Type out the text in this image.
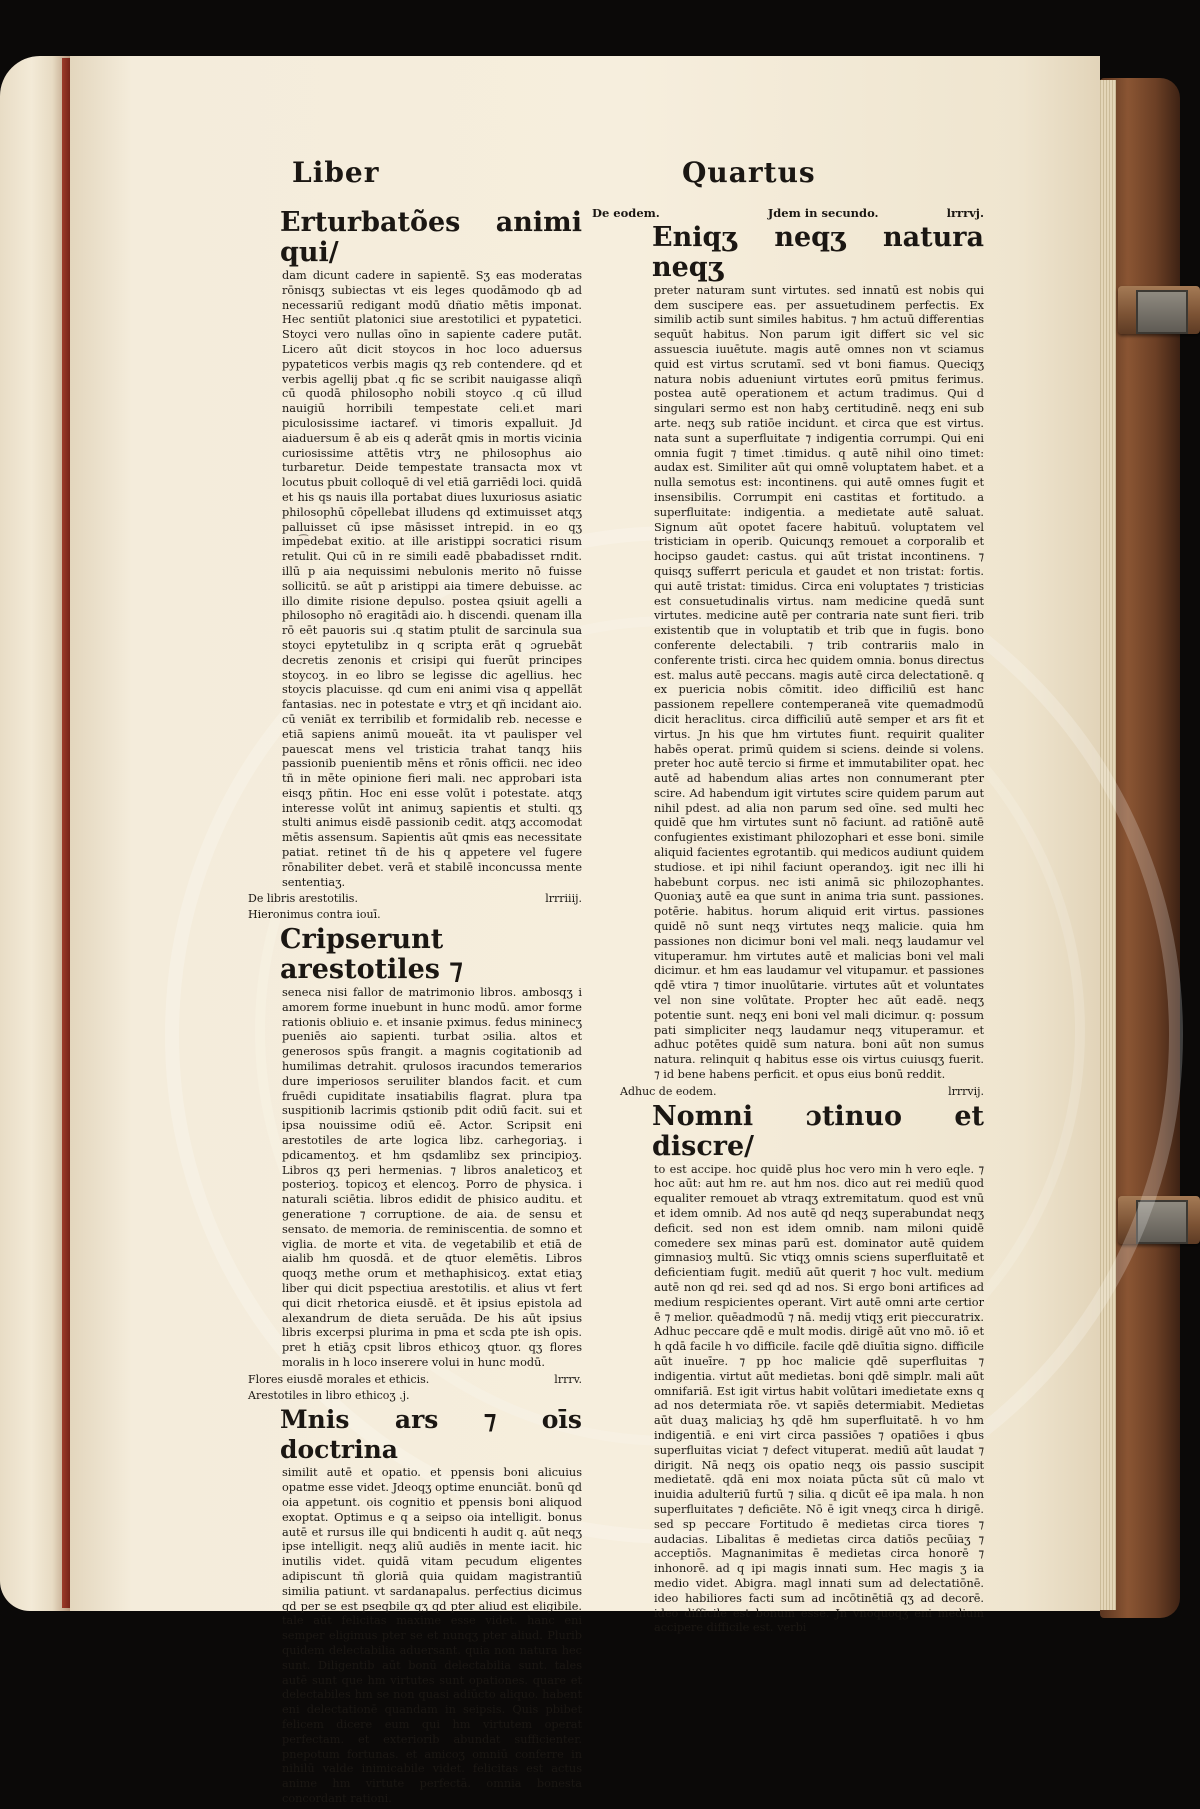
Liber	Quartus
Erturbatões animi qui/
dam dicunt cadere in sapientē. Sʒ eas moderatas rōnisqʒ subiectas vt eis leges quodāmodo qb ad necessariū redigant modū dñatio mētis imponat. Hec sentiūt platonici siue arestotilici et pypatetici. Stoyci vero nullas oīno in sapiente cadere putāt. Licero aūt dicit stoycos in hoc loco aduersus pypateticos verbis magis qʒ reb contendere. qd et verbis agellij pbat .q fic se scribit nauigasse aliqñ cū quodā philosopho nobili stoyco .q cū illud nauigiū horribili tempestate celi.et mari piculosissime iactaref. vi timoris expalluit. Jd aiaduersum ē ab eis q aderāt qmis in mortis vicinia curiosissime attētis vtrʒ ne philosophus aio turbaretur. Deide tempestate transacta mox vt locutus pbuit colloquē di vel etiā garriēdi loci. quidā et his qs nauis illa portabat diues luxuriosus asiatic philosophū cōpellebat illudens qd extimuisset atqʒ palluisset cū ipse māsisset intrepid. in eo qʒ imp͡edebat exitio. at ille aristippi socratici risum retulit. Qui cū in re simili eadē pbabadisset rndit. illū p aia nequissimi nebulonis merito nō fuisse sollicitū. se aūt p aristippi aia timere debuisse. ac illo dimite risione depulso. postea qsiuit agelli a philosopho nō eragitādi aio. h discendi. quenam illa rō eēt pauoris sui .q statim ptulit de sarcinula sua stoyci epytetulibz in q scripta erāt q ɔgruebāt decretis zenonis et crisipi qui fuerūt principes stoycoʒ. in eo libro se legisse dic agellius. hec stoycis placuisse. qd cum eni animi visa q appellāt fantasias. nec in potestate e vtrʒ et qñ incidant aio. cū veniāt ex terribilib et formidalib reb. necesse e etiā sapiens animū moueāt. ita vt paulisper vel pauescat mens vel tristicia trahat tanqʒ hiis passionib puenientib mēns et rōnis officii. nec ideo tñ in mēte opinione fieri mali. nec approbari ista eisqʒ pñtin. Hoc eni esse volūt i potestate. atqʒ interesse volūt int animuʒ sapientis et stulti. qʒ stulti animus eisdē passionib cedit. atqʒ accomodat mētis assensum. Sapientis aūt qmis eas necessitate patiat. retinet tñ de his q appetere vel fugere rōnabiliter debet. verā et stabilē inconcussa mente sententiaʒ.
De libris arestotilis.	lrrriiij.
Hieronimus contra iouī.
Cripserunt arestotiles ⁊
seneca nisi fallor de matrimonio libros. ambosqʒ i amorem forme inuebunt in hunc modū. amor forme rationis obliuio e. et insanie pximus. fedus mininecʒ pueniēs aio sapienti. turbat ɔsilia. altos et generosos spūs frangit. a magnis cogitationib ad humilimas detrahit. qrulosos iracundos temerarios dure imperiosos seruiliter blandos facit. et cum fruēdi cupiditate insatiabilis flagrat. plura tpa suspitionib lacrimis qstionib pdit odiū facit. sui et ipsa nouissime odiū eē. Actor. Scripsit eni arestotiles de arte logica libz. carhegoriaʒ. i pdicamentoʒ. et hm qsdamlibz sex principioʒ. Libros qʒ peri hermenias. ⁊ libros analeticoʒ et posterioʒ. topicoʒ et elencoʒ. Porro de physica. i naturali sciētia. libros edidit de phisico auditu. et generatione ⁊ corruptione. de aia. de sensu et sensato. de memoria. de reminiscentia. de somno et viglia. de morte et vita. de vegetabilib et etiā de aialib hm quosdā. et de qtuor elemētis. Libros quoqʒ methe orum et methaphisicoʒ. extat etiaʒ liber qui dicit pspectiua arestotilis. et alius vt fert qui dicit rhetorica eiusdē. et ēt ipsius epistola ad alexandrum de dieta seruāda. De his aūt ipsius libris excerpsi plurima in pma et scda pte ish opis. pret h etiāʒ cpsit libros ethicoʒ qtuor. qʒ flores moralis in h loco inserere volui in hunc modū.
Flores eiusdē morales et ethicis.	lrrrv.
Arestotiles in libro ethicoʒ .j.
Mnis ars ⁊ oīs doctrina
similit autē et opatio. et ppensis boni alicuius opatme esse videt. Jdeoqʒ optime enunciāt. bonū qd oia appetunt. ois cognitio et ppensis boni aliquod exoptat. Optimus e q a seipso oia intelligit. bonus autē et rursus ille qui bndicenti h audit q. aūt neqʒ ipse intelligit. neqʒ aliū audiēs in mente iacit. hic inutilis videt. quidā vitam pecudum eligentes adipiscunt tñ gloriā quia quidam magistrantiū similia patiunt. vt sardanapalus. perfectius dicimus qd per se est pseqbile qʒ qd pter aliud est eligibile. tale aūt felicitas maxime esse videt. hanc eni semper eligimus pter se et nunqʒ pter aliud. Plurib quidem delectabilia aduersant. quia non natura hec sunt. Diligentib aūt bonū delectabilia sunt. tales autē sunt que hm virtutes sunt opationes. quare et delectabiles hm se non quasi adiūcto aliquo. habent eni delectationē quandam in seipsis. Quis pbibet felicem dicere eum qui hm virtutem operat perfectam. et exteriorib abundat sufficienter. pnepotum fortunas. et amicoʒ omniū conferre in nihilū valde inimicabile videt. felicitas est actus anime hm virtute perfectā. omnia bonesta concordant rationi.
De eodem.	Jdem in secundo.	lrrrvj.
Eniqʒ neqʒ natura neqʒ
preter naturam sunt virtutes. sed innatū est nobis qui dem suscipere eas. per assuetudinem perfectis. Ex similib actib sunt similes habitus. ⁊ hm actuū differentias sequūt habitus. Non parum igit differt sic vel sic assuescia iuuētute. magis autē omnes non vt sciamus quid est virtus scrutamī. sed vt boni fiamus. Queciqʒ natura nobis adueniunt virtutes eorū pmitus ferimus. postea autē operationem et actum tradimus. Qui d singulari sermo est non habʒ certitudinē. neqʒ eni sub arte. neqʒ sub ratiōe incidunt. et circa que est virtus. nata sunt a superfluitate ⁊ indigentia corrumpi. Qui eni omnia fugit ⁊ timet .timidus. q autē nihil oino timet: audax est. Similiter aūt qui omnē voluptatem habet. et a nulla semotus est: incontinens. qui autē omnes fugit et insensibilis. Corrumpit eni castitas et fortitudo. a superfluitate: indigentia. a medietate autē saluat. Signum aūt opotet facere habituū. voluptatem vel tristiciam in operib. Quicunqʒ remouet a corporalib et hocipso gaudet: castus. qui aūt tristat incontinens. ⁊ quisqʒ sufferrt pericula et gaudet et non tristat: fortis. qui autē tristat: timidus. Circa eni voluptates ⁊ tristicias est consuetudinalis virtus. nam medicine quedā sunt virtutes. medicine autē per contraria nate sunt fieri. trib existentib que in voluptatib et trib que in fugis. bono conferente delectabili. ⁊ trib contrariis malo in conferente tristi. circa hec quidem omnia. bonus directus est. malus autē peccans. magis autē circa delectationē. q ex puericia nobis cōmitit. ideo difficiliū est hanc passionem repellere contemperaneā vite quemadmodū dicit heraclitus. circa difficiliū autē semper et ars fit et virtus. Jn his que hm virtutes fiunt. requirit qualiter habēs operat. primū quidem si sciens. deinde si volens. preter hoc autē tercio si firme et immutabiliter opat. hec autē ad habendum alias artes non connumerant pter scire. Ad habendum igit virtutes scire quidem parum aut nihil pdest. ad alia non parum sed oīne. sed multi hec quidē que hm virtutes sunt nō faciunt. ad ratiōnē autē confugientes existimant philozophari et esse boni. simile aliquid facientes egrotantib. qui medicos audiunt quidem studiose. et ipi nihil faciunt operandoʒ. igit nec illi hi habebunt corpus. nec isti animā sic philozophantes. Quoniaʒ autē ea que sunt in anima tria sunt. passiones. potērie. habitus. horum aliquid erit virtus. passiones quidē nō sunt neqʒ virtutes neqʒ malicie. quia hm passiones non dicimur boni vel mali. neqʒ laudamur vel vituperamur. hm virtutes autē et malicias boni vel mali dicimur. et hm eas laudamur vel vitupamur. et passiones qdē vtira ⁊ timor inuolūtarie. virtutes aūt et voluntates vel non sine volūtate. Propter hec aūt eadē. neqʒ potentie sunt. neqʒ eni boni vel mali dicimur. q: possum pati simpliciter neqʒ laudamur neqʒ vituperamur. et adhuc potētes quidē sum natura. boni aūt non sumus natura. relinquit q habitus esse ois virtus cuiusqʒ fuerit. ⁊ id bene habens perficit. et opus eius bonū reddit.
Adhuc de eodem.	lrrrvij.
Nomni ɔtinuo et discre/
to est accipe. hoc quidē plus hoc vero min h vero eqle. ⁊ hoc aūt: aut hm re. aut hm nos. dico aut rei mediū quod equaliter remouet ab vtraqʒ extremitatum. quod est vnū et idem omnib. Ad nos autē qd neqʒ superabundat neqʒ deficit. sed non est idem omnib. nam miloni quidē comedere sex minas parū est. dominator autē quidem gimnasioʒ multū. Sic vtiqʒ omnis sciens superfluitatē et deficientiam fugit. mediū aūt querit ⁊ hoc vult. medium autē non qd rei. sed qd ad nos. Si ergo boni artifices ad medium respicientes operant. Virt autē omni arte certior ē ⁊ melior. quēadmodū ⁊ nā. medij vtiqʒ erit pieccuratrix. Adhuc peccare qdē e mult modis. dirigē aūt vno mō. iō et h qdā facile h vo difficile. facile qdē diuītia signo. difficile aūt inueīre. ⁊ pp hoc malicie qdē superfluitas ⁊ indigentia. virtut aūt medietas. boni qdē simplr. mali aūt omnifariā. Est igit virtus habit volūtari imedietate exns q ad nos determiata rōe. vt sapiēs determiabit. Medietas aūt duaʒ maliciaʒ hʒ qdē hm superfluitatē. h vo hm indigentiā. e eni virt circa passiōes ⁊ opatiōes i qbus superfluitas viciat ⁊ defect vituperat. mediū aūt laudat ⁊ dirigit. Nā neqʒ ois opatio neqʒ ois passio suscipit medietatē. qdā eni mox noiata pūcta sūt cū malo vt inuidia adulteriū furtū ⁊ silia. q dicūt eē ipa mala. h non superfluitates ⁊ deficiēte. Nō ē igit vneqʒ circa h dirigē. sed sp peccare Fortitudo ē medietas circa tiores ⁊ audacias. Libalitas ē medietas circa datiōs pecūiaʒ ⁊ acceptiōs. Magnanimitas ē medietas circa honorē ⁊ inhonorē. ad q ipi magis innati sum. Hec magis ʒ ia medio videt. Abigra. magl innati sum ad delectatiōnē. ideo habiliores facti sum ad incōtinētiā qʒ ad decorē. ideo difficile est bonum esse. Jn vnoquoqʒ eni medium accipere difficile est. verbi
